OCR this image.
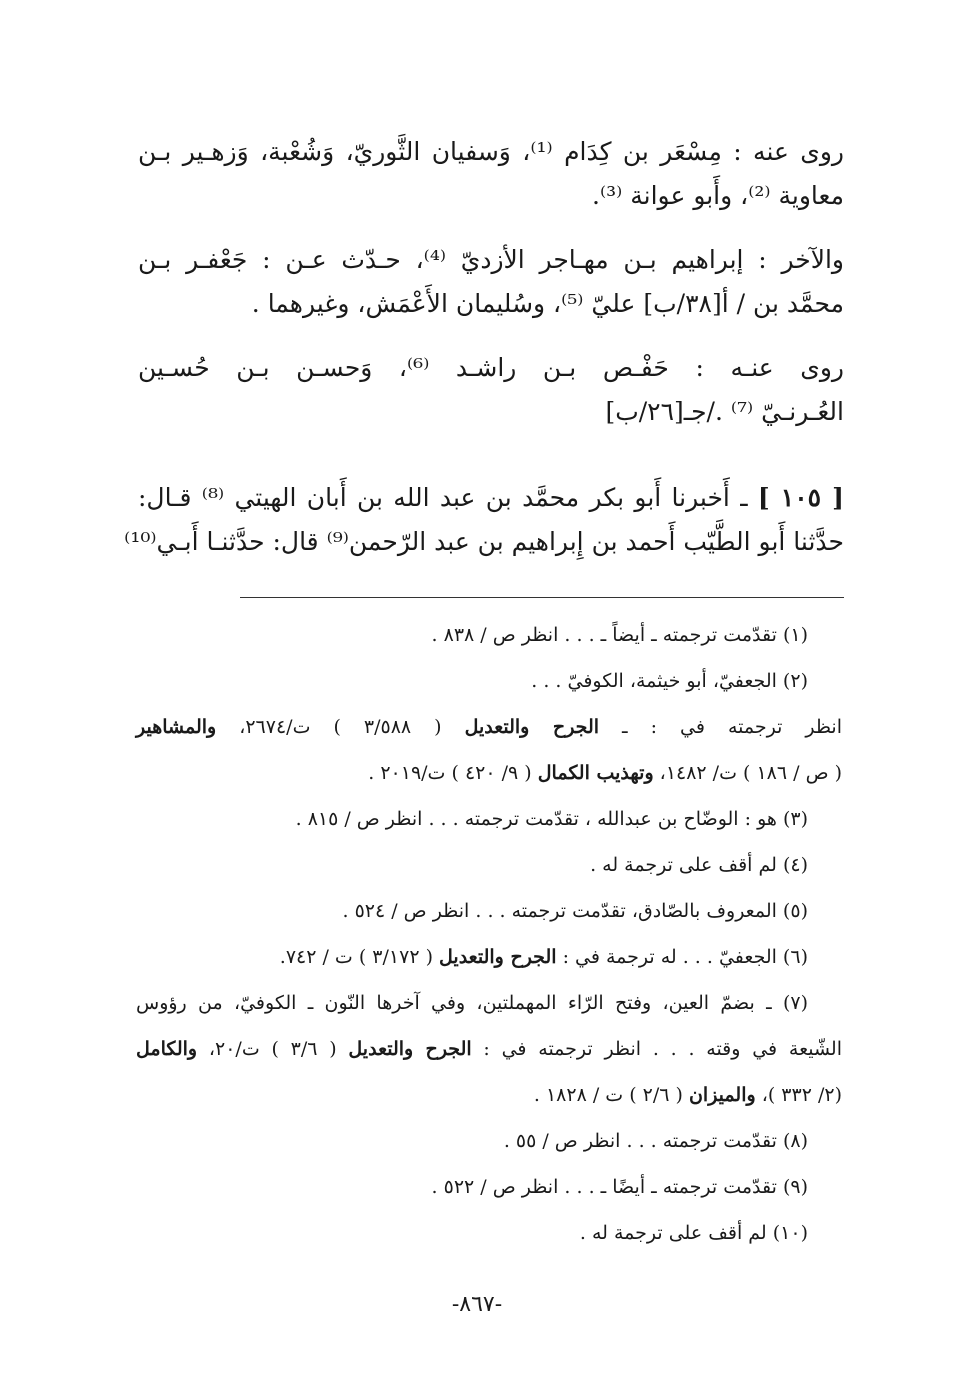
روى عنه : مِسْعَر بن كِدَام ⁽¹⁾، وَسفيان الثَّوريّ، وَشُعْبة، وَزهـير بـن
معاوية ⁽²⁾، وأَبو عوانة ⁽³⁾.
والآخر : إبراهيم بـن مهـاجر الأزديّ ⁽⁴⁾، حـدّث عـن : جَعْفـر بـن
محمَّد بن / أ[٣٨/ب] عليّ ⁽⁵⁾، وسُليمان الأَعْمَش، وغيرهما .
روى عنـه : حَفْـص بـن راشـد ⁽⁶⁾، وَحسـن بـن حُسـين
العُـرنـيّ ⁽⁷⁾ ./جـ[٢٦/ب]
[ ١٠٥ ] ـ أَخبرنا أَبو بكر محمَّد بن عبد الله بن أَبان الهيتي ⁽⁸⁾ قـال:
حدَّثنا أَبو الطَّيّب أَحمد بن إِبراهيم بن عبد الرّحمن⁽⁹⁾ قال: حدَّثنـا أَبـي⁽¹⁰⁾
(١) تقدّمت ترجمته ـ أيضاً ـ . . . انظر ص / ٨٣٨ .
(٢) الجعفيّ، أبو خيثمة، الكوفيّ . . .
انظر ترجمته في : ـ الجرح والتعديل ( ٣/٥٨٨ ) ت/٢٦٧٤، والمشاهير
( ص / ١٨٦ ) ت/ ١٤٨٢، وتهذيب الكمال ( ٩/ ٤٢٠ ) ت/٢٠١٩ .
(٣) هو : الوضّاح بن عبدالله ، تقدّمت ترجمته . . . انظر ص / ٨١٥ .
(٤) لم أقف على ترجمة له .
(٥) المعروف بالصّادق، تقدّمت ترجمته . . . انظر ص / ٥٢٤ .
(٦) الجعفيّ . . . له ترجمة في : الجرح والتعديل ( ٣/١٧٢ ) ت / ٧٤٢.
(٧) ـ بضمّ العين، وفتح الرّاء المهملتين، وفي آخرها النّون ـ الكوفيّ، من رؤوس
الشّيعة في وقته . . . انظر ترجمته في : الجرح والتعديل ( ٣/٦ ) ت/٢٠، والكامل
(٢/ ٣٣٢ )، والميزان ( ٢/٦ ) ت / ١٨٢٨ .
(٨) تقدّمت ترجمته . . . انظر ص / ٥٥ .
(٩) تقدّمت ترجمته ـ أيضًا ـ . . . انظر ص / ٥٢٢ .
(١٠) لم أقف على ترجمة له .
-٨٦٧-
